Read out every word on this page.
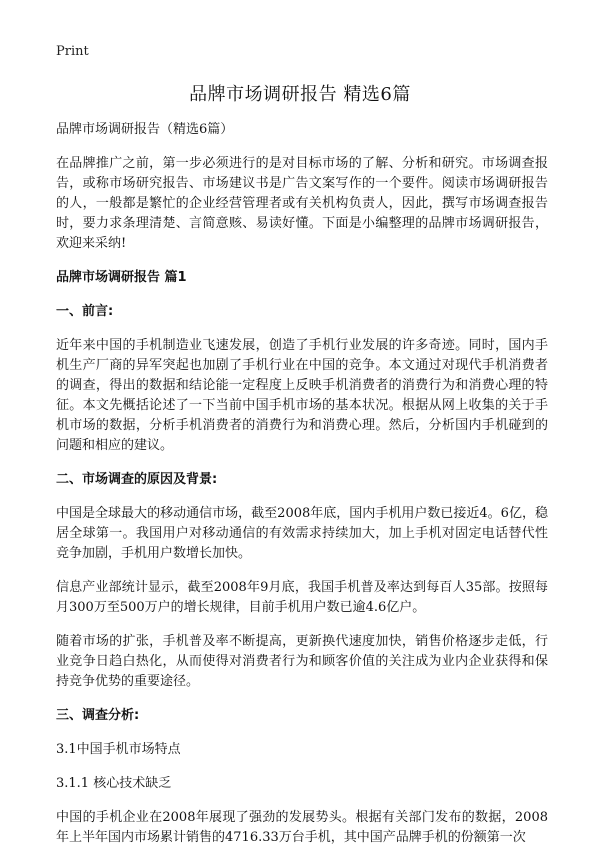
Print
品牌市场调研报告 精选6篇

品牌市场调研报告（精选6篇）

在品牌推广之前，第一步必须进行的是对目标市场的了解、分析和研究。市场调查报告，或称市场研究报告、市场建议书是广告文案写作的一个要件。阅读市场调研报告的人，一般都是繁忙的企业经营管理者或有关机构负责人，因此，撰写市场调查报告时，要力求条理清楚、言简意赅、易读好懂。下面是小编整理的品牌市场调研报告，欢迎来采纳!

品牌市场调研报告 篇1

一、前言:

近年来中国的手机制造业飞速发展，创造了手机行业发展的许多奇迹。同时，国内手机生产厂商的异军突起也加剧了手机行业在中国的竞争。本文通过对现代手机消费者的调查，得出的数据和结论能一定程度上反映手机消费者的消费行为和消费心理的特征。本文先概括论述了一下当前中国手机市场的基本状况。根据从网上收集的关于手机市场的数据，分析手机消费者的消费行为和消费心理。然后，分析国内手机碰到的问题和相应的建议。

二、市场调查的原因及背景:

中国是全球最大的移动通信市场，截至2008年底，国内手机用户数已接近4。6亿，稳居全球第一。我国用户对移动通信的有效需求持续加大，加上手机对固定电话替代性竞争加剧，手机用户数增长加快。

信息产业部统计显示，截至2008年9月底，我国手机普及率达到每百人35部。按照每月300万至500万户的增长规律，目前手机用户数已逾4.6亿户。

随着市场的扩张，手机普及率不断提高，更新换代速度加快，销售价格逐步走低，行业竞争日趋白热化，从而使得对消费者行为和顾客价值的关注成为业内企业获得和保持竞争优势的重要途径。

三、调查分析:

3.1中国手机市场特点

3.1.1 核心技术缺乏

中国的手机企业在2008年展现了强劲的发展势头。根据有关部门发布的数据，2008年上半年国内市场累计销售的4716.33万台手机，其中国产品牌手机的份额第一次
